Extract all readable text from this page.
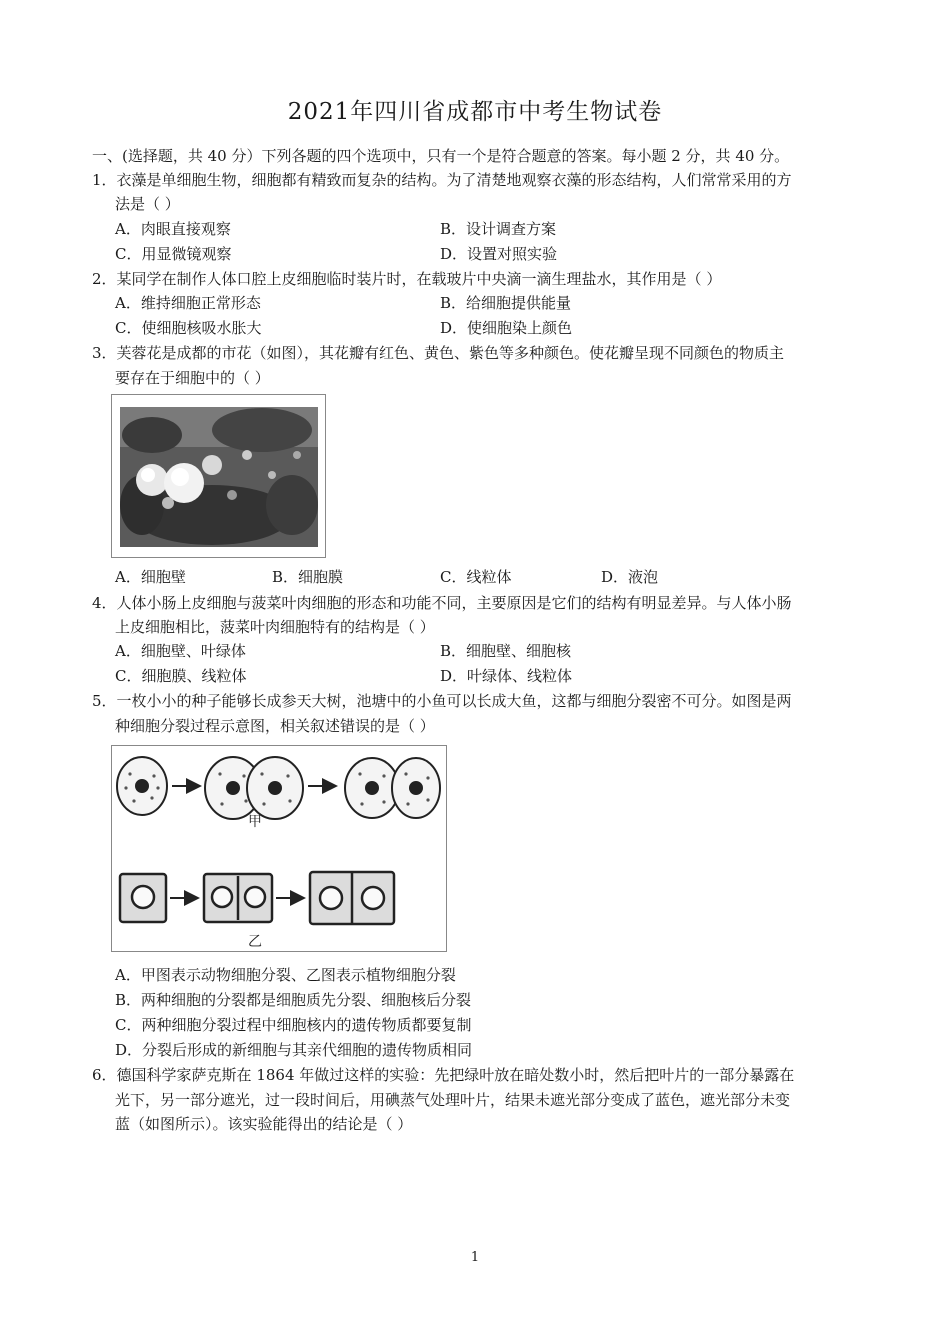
2021年四川省成都市中考生物试卷
一、(选择题，共 40 分）下列各题的四个选项中，只有一个是符合题意的答案。每小题 2 分，共 40 分。
1．衣藻是单细胞生物，细胞都有精致而复杂的结构。为了清楚地观察衣藻的形态结构，人们常常采用的方
法是（ ）
A．肉眼直接观察	B．设计调查方案
C．用显微镜观察	D．设置对照实验
2．某同学在制作人体口腔上皮细胞临时装片时，在载玻片中央滴一滴生理盐水，其作用是（ ）
A．维持细胞正常形态	B．给细胞提供能量
C．使细胞核吸水胀大	D．使细胞染上颜色
3．芙蓉花是成都的市花（如图），其花瓣有红色、黄色、紫色等多种颜色。使花瓣呈现不同颜色的物质主
要存在于细胞中的（ ）
A．细胞壁	B．细胞膜	C．线粒体	D．液泡
4．人体小肠上皮细胞与菠菜叶肉细胞的形态和功能不同，主要原因是它们的结构有明显差异。与人体小肠
上皮细胞相比，菠菜叶肉细胞特有的结构是（ ）
A．细胞壁、叶绿体	B．细胞壁、细胞核
C．细胞膜、线粒体	D．叶绿体、线粒体
5．一枚小小的种子能够长成参天大树，池塘中的小鱼可以长成大鱼，这都与细胞分裂密不可分。如图是两
种细胞分裂过程示意图，相关叙述错误的是（ ）
甲
乙
A．甲图表示动物细胞分裂、乙图表示植物细胞分裂
B．两种细胞的分裂都是细胞质先分裂、细胞核后分裂
C．两种细胞分裂过程中细胞核内的遗传物质都要复制
D．分裂后形成的新细胞与其亲代细胞的遗传物质相同
6．德国科学家萨克斯在 1864 年做过这样的实验：先把绿叶放在暗处数小时，然后把叶片的一部分暴露在
光下，另一部分遮光，过一段时间后，用碘蒸气处理叶片，结果未遮光部分变成了蓝色，遮光部分未变
蓝（如图所示）。该实验能得出的结论是（ ）
1
